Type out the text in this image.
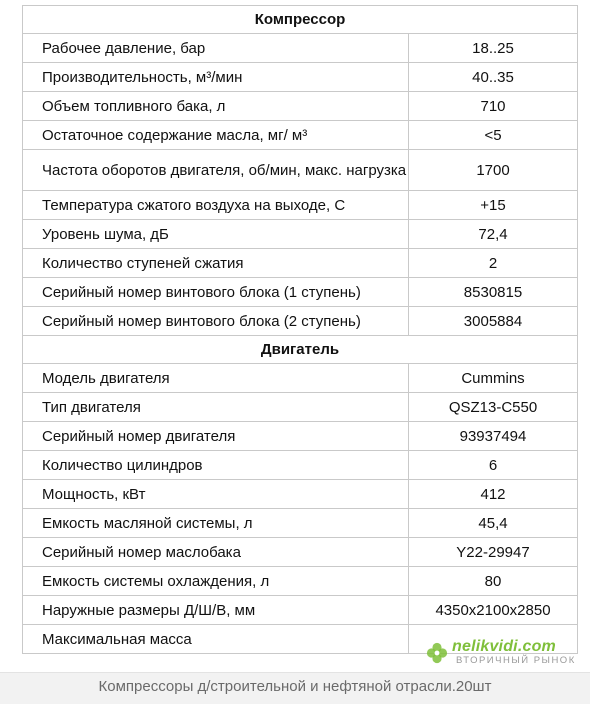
Компрессор	
Рабочее давление, бар	18..25
Производительность, м³/мин	40..35
Объем топливного бака, л	710
Остаточное содержание масла, мг/ м³	<5
Частота оборотов двигателя, об/мин, макс. нагрузка	1700
Температура сжатого воздуха на выходе, С	+15
Уровень шума, дБ	72,4
Количество ступеней сжатия	2
Серийный номер винтового блока (1 ступень)	8530815
Серийный номер винтового блока (2 ступень)	3005884
Двигатель	
Модель двигателя	Cummins
Тип двигателя	QSZ13-C550
Серийный номер двигателя	93937494
Количество цилиндров	6
Мощность, кВт	412
Емкость масляной системы, л	45,4
Серийный номер маслобака	Y22-29947
Емкость системы охлаждения, л	80
Наружные размеры Д/Ш/В, мм	4350x2100x2850
Максимальная масса		nelikvidi.com
ВТОРИЧНЫЙ РЫНОК
Компрессоры д/строительной и нефтяной отрасли.20шт
